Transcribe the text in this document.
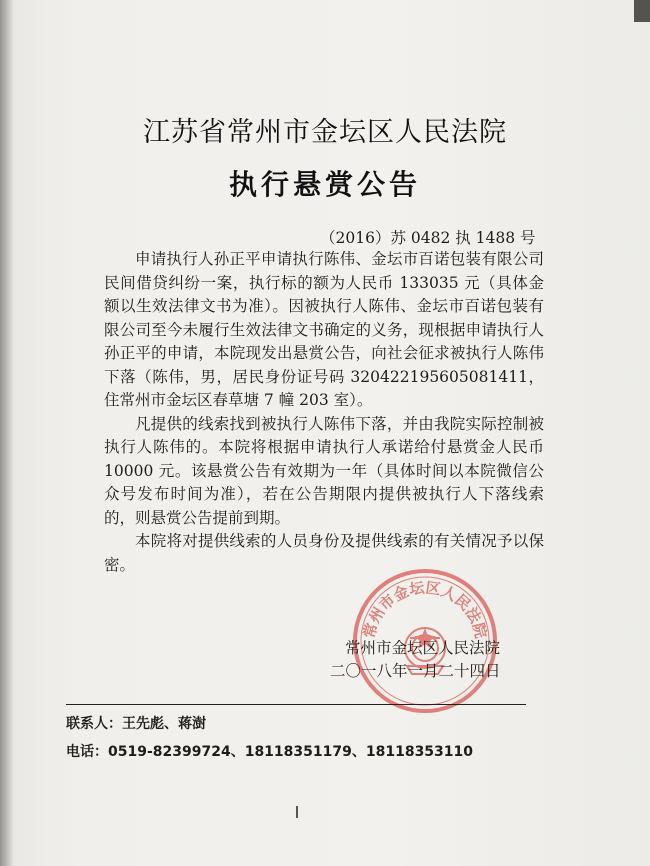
江苏省常州市金坛区人民法院
执行悬赏公告
（2016）苏 0482 执 1488 号

申请执行人孙正平申请执行陈伟、金坛市百诺包装有限公司民间借贷纠纷一案，执行标的额为人民币 133035 元（具体金额以生效法律文书为准）。因被执行人陈伟、金坛市百诺包装有限公司至今未履行生效法律文书确定的义务，现根据申请执行人孙正平的申请，本院现发出悬赏公告，向社会征求被执行人陈伟下落（陈伟，男，居民身份证号码 320422195605081411，住常州市金坛区春草塘 7 幢 203 室）。

凡提供的线索找到被执行人陈伟下落，并由我院实际控制被执行人陈伟的。本院将根据申请执行人承诺给付悬赏金人民币 10000 元。该悬赏公告有效期为一年（具体时间以本院微信公众号发布时间为准），若在公告期限内提供被执行人下落线索的，则悬赏公告提前到期。

本院将对提供线索的人员身份及提供线索的有关情况予以保密。

常州市金坛区人民法院
常州市金坛区人民法院
二〇一八年一月二十四日
联系人：王先彪、蒋澍
电话：0519-82399724、18118351179、18118353110
